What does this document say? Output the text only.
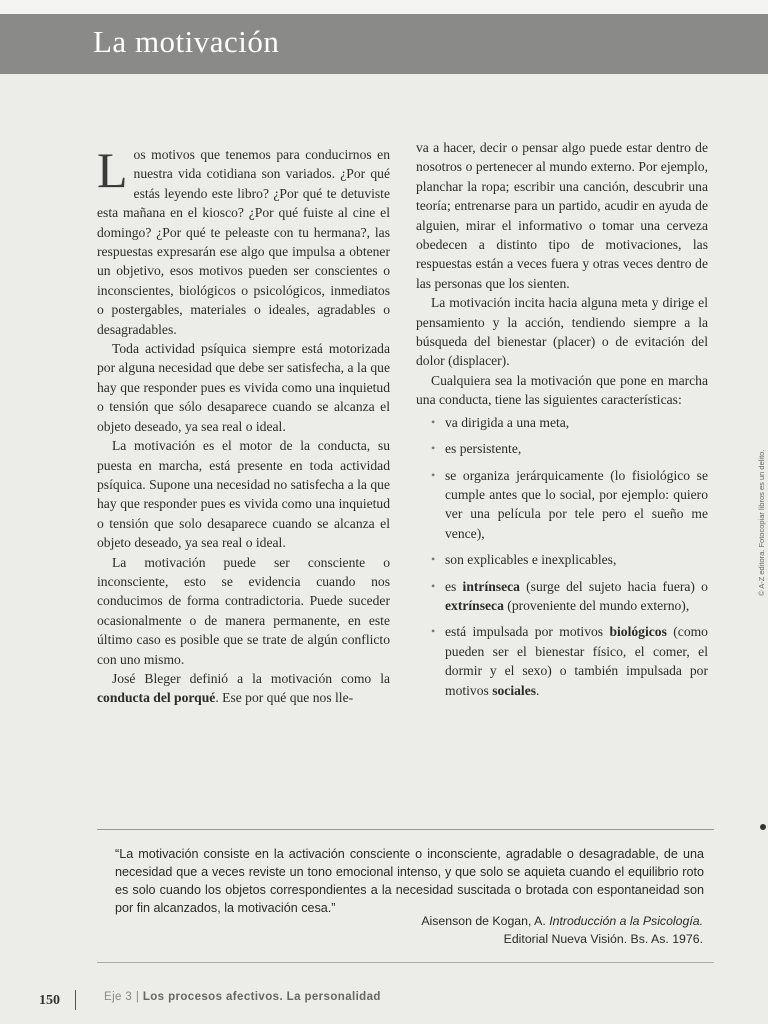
La motivación

Los motivos que tenemos para conducirnos en nuestra vida cotidiana son variados. ¿Por qué estás leyendo este libro? ¿Por qué te detuviste esta mañana en el kiosco? ¿Por qué fuiste al cine el domingo? ¿Por qué te peleaste con tu hermana?, las respuestas expresarán ese algo que impulsa a obtener un objetivo, esos motivos pueden ser conscientes o inconscientes, biológicos o psicológicos, inmediatos o postergables, materiales o ideales, agradables o desagradables.

Toda actividad psíquica siempre está motorizada por alguna necesidad que debe ser satisfecha, a la que hay que responder pues es vivida como una inquietud o tensión que sólo desaparece cuando se alcanza el objeto deseado, ya sea real o ideal.

La motivación es el motor de la conducta, su puesta en marcha, está presente en toda actividad psíquica. Supone una necesidad no satisfecha a la que hay que responder pues es vivida como una inquietud o tensión que solo desaparece cuando se alcanza el objeto deseado, ya sea real o ideal.

La motivación puede ser consciente o inconsciente, esto se evidencia cuando nos conducimos de forma contradictoria. Puede suceder ocasionalmente o de manera permanente, en este último caso es posible que se trate de algún conflicto con uno mismo.

José Bleger definió a la motivación como la conducta del porqué. Ese por qué que nos lle-

va a hacer, decir o pensar algo puede estar dentro de nosotros o pertenecer al mundo externo. Por ejemplo, planchar la ropa; escribir una canción, descubrir una teoría; entrenarse para un partido, acudir en ayuda de alguien, mirar el informativo o tomar una cerveza obedecen a distinto tipo de motivaciones, las respuestas están a veces fuera y otras veces dentro de las personas que los sienten.

La motivación incita hacia alguna meta y dirige el pensamiento y la acción, tendiendo siempre a la búsqueda del bienestar (placer) o de evitación del dolor (displacer).

Cualquiera sea la motivación que pone en marcha una conducta, tiene las siguientes características:

• va dirigida a una meta,
• es persistente,
• se organiza jerárquicamente (lo fisiológico se cumple antes que lo social, por ejemplo: quiero ver una película por tele pero el sueño me vence),
• son explicables e inexplicables,
• es intrínseca (surge del sujeto hacia fuera) o extrínseca (proveniente del mundo externo),
• está impulsada por motivos biológicos (como pueden ser el bienestar físico, el comer, el dormir y el sexo) o también impulsada por motivos sociales.
© A-Z editora. Fotocopiar libros es un delito.
“La motivación consiste en la activación consciente o inconsciente, agradable o desagradable, de una necesidad que a veces reviste un tono emocional intenso, y que solo se aquieta cuando el equilibrio roto es solo cuando los objetos correspondientes a la necesidad suscitada o brotada con espontaneidad son por fin alcanzados, la motivación cesa.”
Aisenson de Kogan, A. Introducción a la Psicología.
Editorial Nueva Visión. Bs. As. 1976.
150	Eje 3 | Los procesos afectivos. La personalidad
